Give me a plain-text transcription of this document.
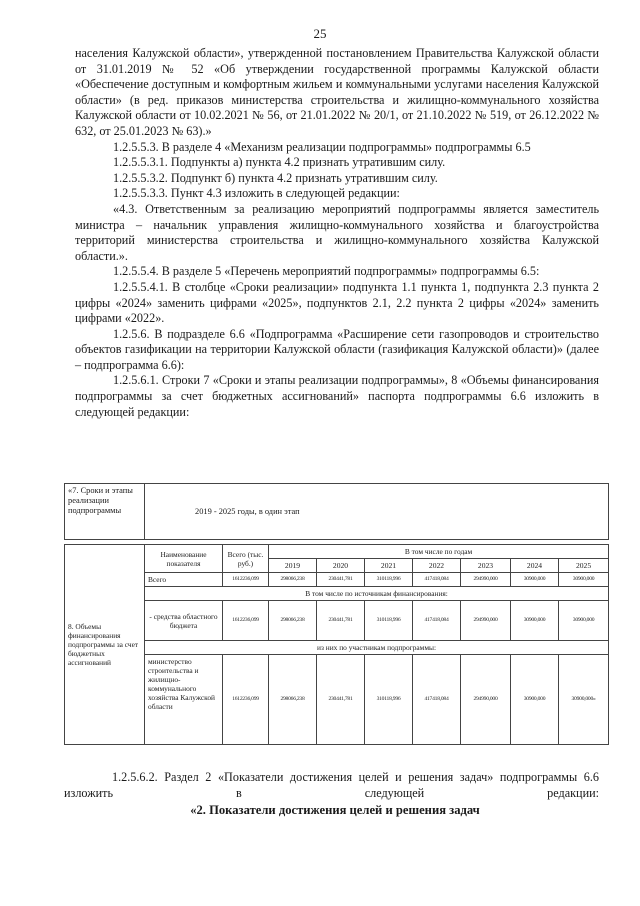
25

населения Калужской области», утвержденной постановлением Правительства Калужской области от 31.01.2019 № 52 «Об утверждении государственной программы Калужской области «Обеспечение доступным и комфортным жильем и коммунальными услугами населения Калужской области» (в ред. приказов министерства строительства и жилищно-коммунального хозяйства Калужской области от 10.02.2021 № 56, от 21.01.2022 № 20/1, от 21.10.2022 № 519, от 26.12.2022 № 632, от 25.01.2023 № 63).»

1.2.5.5.3. В разделе 4 «Механизм реализации подпрограммы» подпрограммы 6.5

1.2.5.5.3.1. Подпункты а) пункта 4.2 признать утратившим силу.

1.2.5.5.3.2. Подпункт б) пункта 4.2 признать утратившим силу.

1.2.5.5.3.3. Пункт 4.3 изложить в следующей редакции:

«4.3. Ответственным за реализацию мероприятий подпрограммы является заместитель министра – начальник управления жилищно-коммунального хозяйства и благоустройства территорий министерства строительства и жилищно-коммунального хозяйства Калужской области.».

1.2.5.5.4. В разделе 5 «Перечень мероприятий подпрограммы» подпрограммы 6.5:

1.2.5.5.4.1. В столбце «Сроки реализации» подпункта 1.1 пункта 1, подпункта 2.3 пункта 2 цифры «2024» заменить цифрами «2025», подпунктов 2.1, 2.2 пункта 2 цифры «2024» заменить цифрами «2022».

1.2.5.6. В подразделе 6.6 «Подпрограмма «Расширение сети газопроводов и строительство объектов газификации на территории Калужской области (газификация Калужской области)» (далее – подпрограмма 6.6):

1.2.5.6.1. Строки 7 «Сроки и этапы реализации подпрограммы», 8 «Объемы финансирования подпрограммы за счет бюджетных ассигнований» паспорта подпрограммы 6.6 изложить в следующей редакции:

«7. Сроки и этапы реализации подпрограммы	2019 - 2025 годы, в один этап								

8. Объемы финансирования подпрограммы за счет бюджетных ассигнований	Наименование показателя	Всего (тыс. руб.)	В том числе по годам						
			2019	2020	2021	2022	2023	2024	2025
	Всего	1612236,099	298066,238	230441,781	310118,996	417418,084	294990,000	30900,000	30900,000
	В том числе по источникам финансирования:								
	- средства областного бюджета	1612236,099	298066,238	230441,781	310118,996	417418,084	294990,000	30900,000	30900,000
	из них по участникам подпрограммы:								
	министерство строительства и жилищно-коммунального хозяйства Калужской области	1612236,099	298066,238	230441,781	310118,996	417418,084	294990,000	30900,000	30900,000»

1.2.5.6.2. Раздел 2 «Показатели достижения целей и решения задач» подпрограммы 6.6 изложить в следующей редакции:

«2. Показатели достижения целей и решения задач
